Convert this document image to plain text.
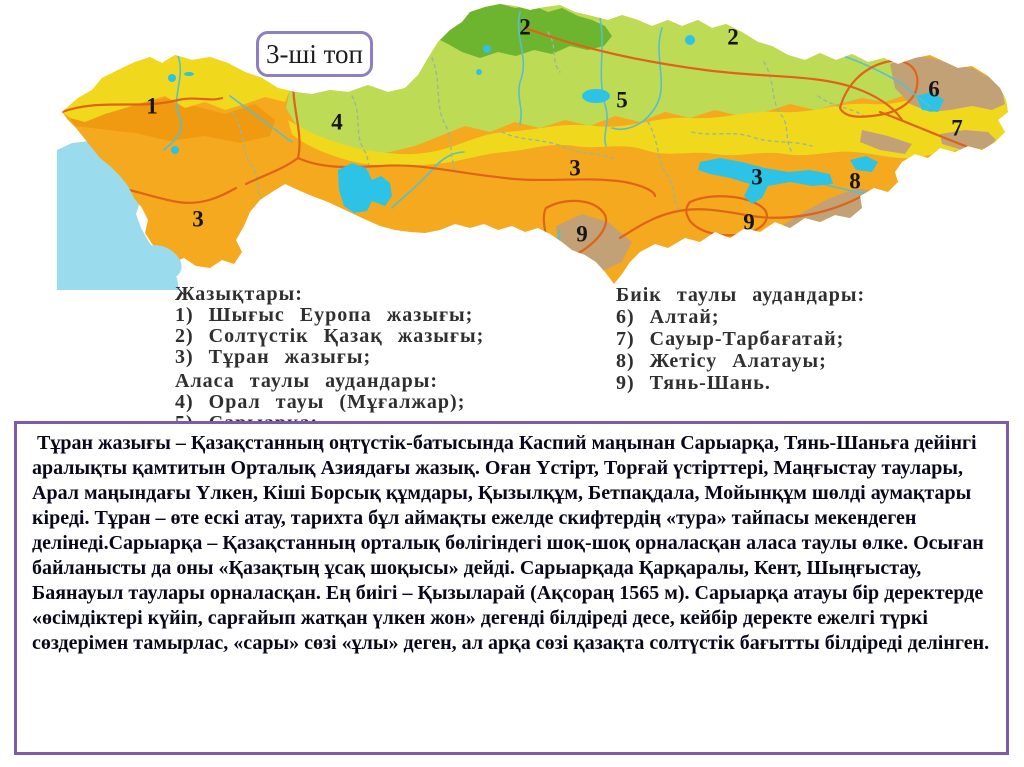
1
2	2
4
5	6
7
3
3	3	8
9	9
3-ші топ
Жазықтары:
1) Шығыс Еуропа жазығы;
2) Солтүстік Қазақ жазығы;
3) Тұран жазығы;
Аласа таулы аудандары:
4) Орал тауы (Мұғалжар);
Биік таулы аудандары:
6) Алтай;
7) Сауыр-Тарбағатай;
8) Жетісу Алатауы;
9) Тянь-Шань.
Тұран жазығы – Қазақстанның оңтүстік-батысында Каспий маңынан Сарыарқа, Тянь-Шаньға дейінгі аралықты қамтитын Орталық Азиядағы жазық. Оған Үстірт, Торғай үстірттері, Маңғыстау таулары, Арал маңындағы Үлкен, Кіші Борсық құмдары, Қызылқұм, Бетпақдала, Мойынқұм шөлді аумақтары кіреді. Тұран – өте ескі атау, тарихта бұл аймақты ежелде скифтердің «тура» тайпасы мекендеген делінеді.Сарыарқа – Қазақстанның орталық бөлігіндегі шоқ-шоқ орналасқан аласа таулы өлке. Осыған байланысты да оны «Қазақтың ұсақ шоқысы» дейді. Сарыарқада Қарқаралы, Кент, Шыңғыстау, Баянауыл таулары орналасқан. Ең биігі – Қызыларай (Ақсораң 1565 м). Сарыарқа атауы бір деректерде «өсімдіктері күйіп, сарғайып жатқан үлкен жон» дегенді білдіреді десе, кейбір деректе ежелгі түркі сөздерімен тамырлас, «сары» сөзі «ұлы» деген, ал арқа сөзі қазақта солтүстік бағытты білдіреді делінген.
